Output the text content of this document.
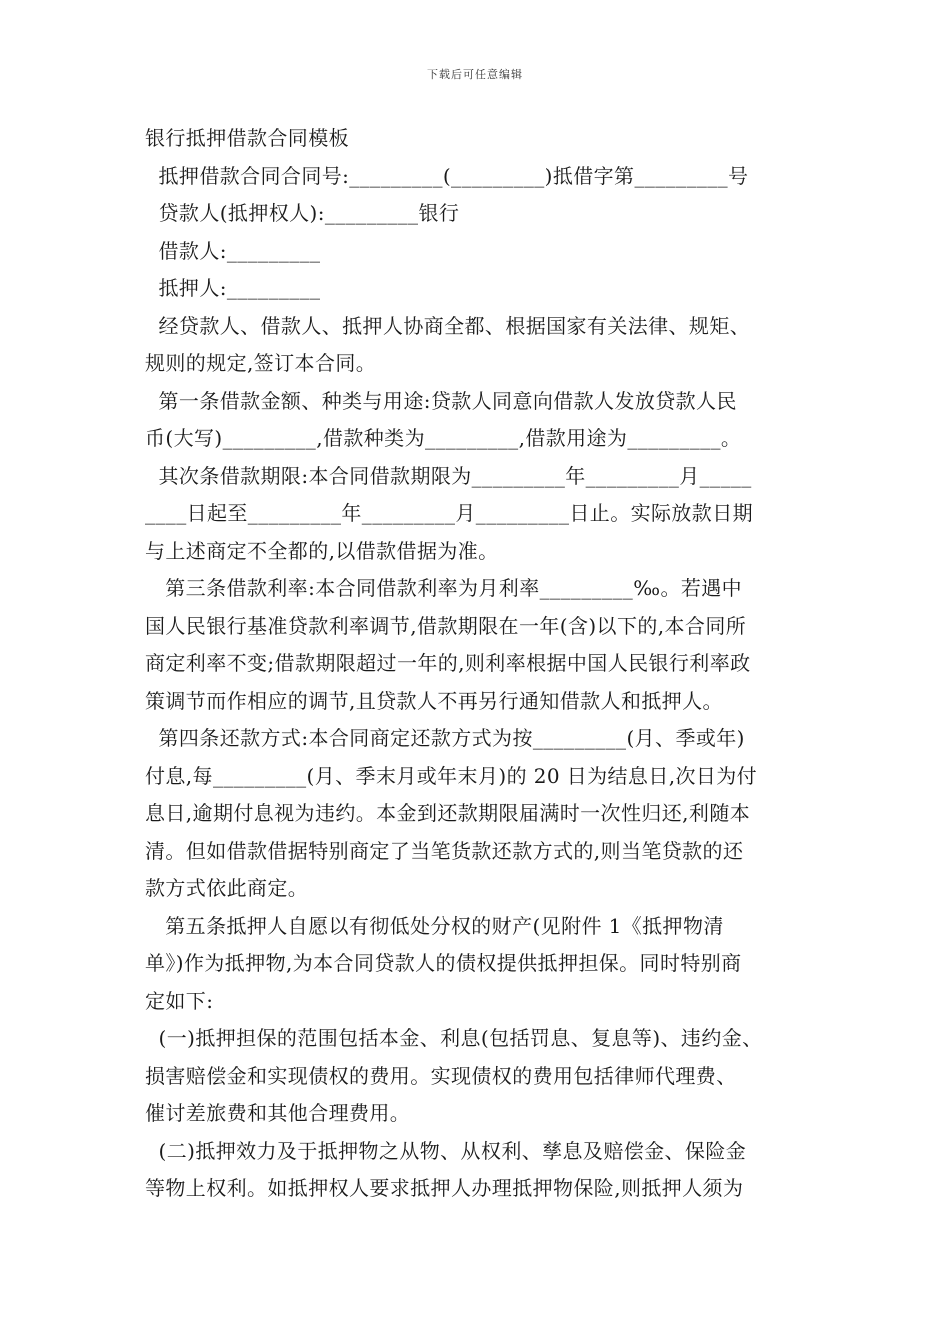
下载后可任意编辑
银行抵押借款合同模板
抵押借款合同合同号:_________(_________)抵借字第_________号
贷款人(抵押权人):_________银行
借款人:_________
抵押人:_________
经贷款人、借款人、抵押人协商全都、根据国家有关法律、规矩、
规则的规定,签订本合同。
第一条借款金额、种类与用途:贷款人同意向借款人发放贷款人民
币(大写)_________,借款种类为_________,借款用途为_________。
其次条借款期限:本合同借款期限为_________年_________月_____
____日起至_________年_________月_________日止。实际放款日期
与上述商定不全都的,以借款借据为准。
第三条借款利率:本合同借款利率为月利率_________‰。若遇中
国人民银行基准贷款利率调节,借款期限在一年(含)以下的,本合同所
商定利率不变;借款期限超过一年的,则利率根据中国人民银行利率政
策调节而作相应的调节,且贷款人不再另行通知借款人和抵押人。
第四条还款方式:本合同商定还款方式为按_________(月、季或年)
付息,每_________(月、季末月或年末月)的 20 日为结息日,次日为付
息日,逾期付息视为违约。本金到还款期限届满时一次性归还,利随本
清。但如借款借据特别商定了当笔货款还款方式的,则当笔贷款的还
款方式依此商定。
第五条抵押人自愿以有彻低处分权的财产(见附件 1《抵押物清
单》)作为抵押物,为本合同贷款人的债权提供抵押担保。同时特别商
定如下:
(一)抵押担保的范围包括本金、利息(包括罚息、复息等)、违约金、
损害赔偿金和实现债权的费用。实现债权的费用包括律师代理费、
催讨差旅费和其他合理费用。
(二)抵押效力及于抵押物之从物、从权利、孳息及赔偿金、保险金
等物上权利。如抵押权人要求抵押人办理抵押物保险,则抵押人须为
